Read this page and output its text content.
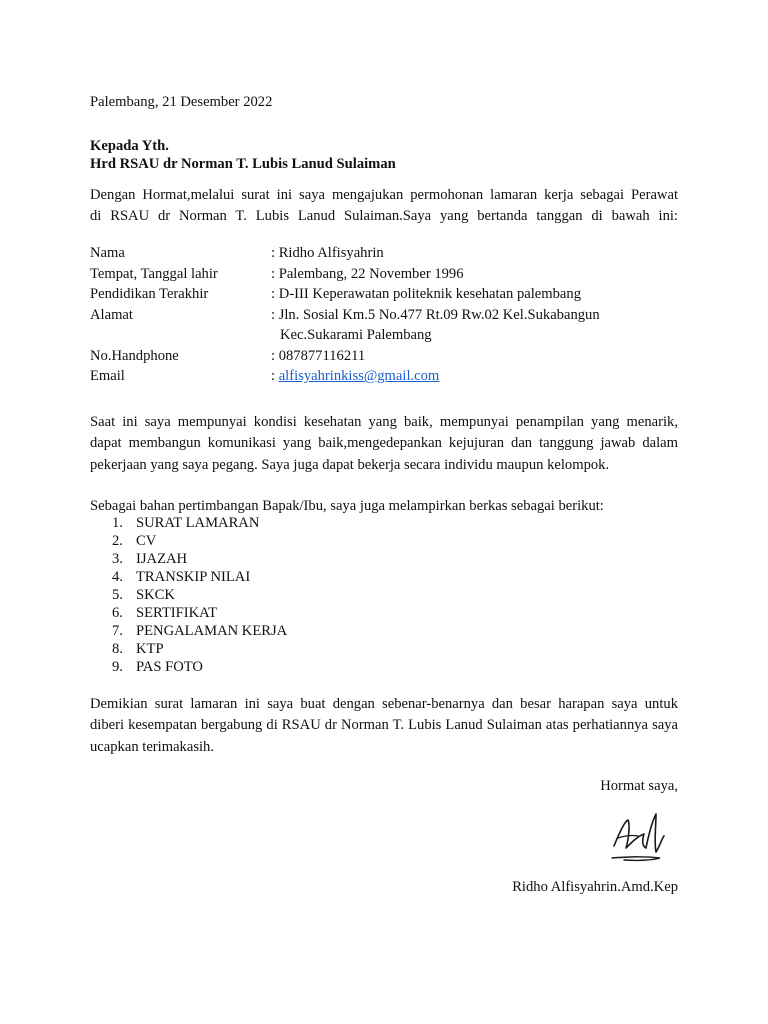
Palembang, 21 Desember 2022
Kepada Yth.
Hrd RSAU dr Norman T. Lubis Lanud Sulaiman
Dengan Hormat,melalui surat ini saya mengajukan permohonan lamaran kerja sebagai Perawat
di RSAU dr Norman T. Lubis Lanud Sulaiman.Saya yang bertanda tanggan di bawah ini:
Nama	: Ridho Alfisyahrin
Tempat, Tanggal lahir	: Palembang, 22 November 1996
Pendidikan Terakhir	: D-III Keperawatan politeknik kesehatan palembang
Alamat	: Jln. Sosial Km.5 No.477 Rt.09 Rw.02 Kel.Sukabangun
Kec.Sukarami Palembang
No.Handphone	: 087877116211
Email	: alfisyahrinkiss@gmail.com
Saat ini saya mempunyai kondisi kesehatan yang baik, mempunyai penampilan yang menarik,
dapat membangun komunikasi yang baik,mengedepankan kejujuran dan tanggung jawab dalam
pekerjaan yang saya pegang. Saya juga dapat bekerja secara individu maupun kelompok.
Sebagai bahan pertimbangan Bapak/Ibu, saya juga melampirkan berkas sebagai berikut:
1. SURAT LAMARAN
2. CV
3. IJAZAH
4. TRANSKIP NILAI
5. SKCK
6. SERTIFIKAT
7. PENGALAMAN KERJA
8. KTP
9. PAS FOTO
Demikian surat lamaran ini saya buat dengan sebenar-benarnya dan besar harapan saya untuk
diberi kesempatan bergabung di RSAU dr Norman T. Lubis Lanud Sulaiman atas perhatiannya saya
ucapkan terimakasih.
Hormat saya,
Ridho Alfisyahrin.Amd.Kep
